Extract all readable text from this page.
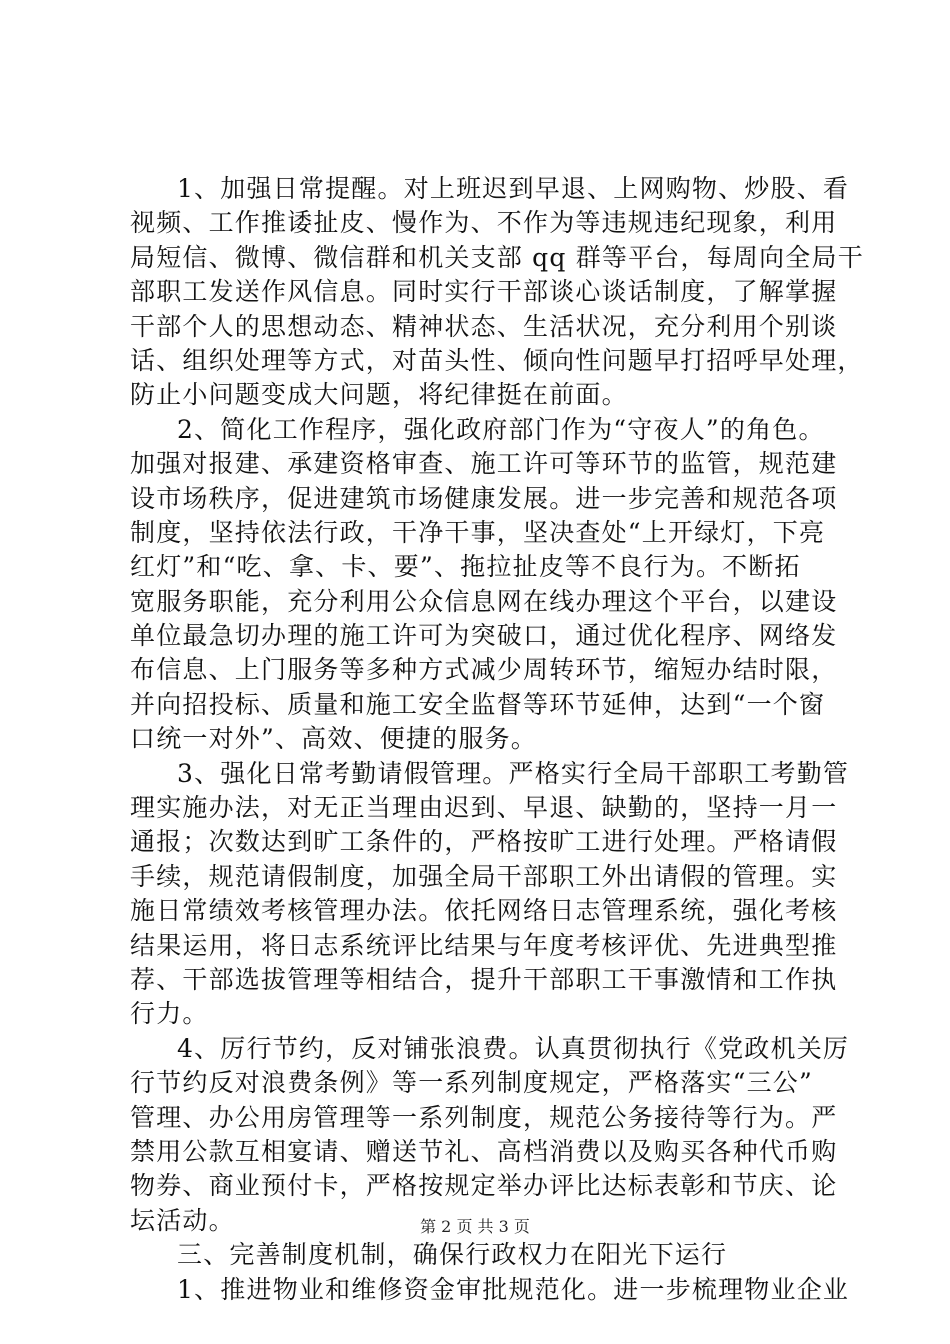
1、加强日常提醒。对上班迟到早退、上网购物、炒股、看
视频、工作推诿扯皮、慢作为、不作为等违规违纪现象，利用
局短信、微博、微信群和机关支部 qq 群等平台，每周向全局干
部职工发送作风信息。同时实行干部谈心谈话制度，了解掌握
干部个人的思想动态、精神状态、生活状况，充分利用个别谈
话、组织处理等方式，对苗头性、倾向性问题早打招呼早处理，
防止小问题变成大问题，将纪律挺在前面。
2、简化工作程序，强化政府部门作为“守夜人”的角色。
加强对报建、承建资格审查、施工许可等环节的监管，规范建
设市场秩序，促进建筑市场健康发展。进一步完善和规范各项
制度，坚持依法行政，干净干事，坚决查处“上开绿灯，下亮
红灯”和“吃、拿、卡、要”、拖拉扯皮等不良行为。不断拓
宽服务职能，充分利用公众信息网在线办理这个平台，以建设
单位最急切办理的施工许可为突破口，通过优化程序、网络发
布信息、上门服务等多种方式减少周转环节，缩短办结时限，
并向招投标、质量和施工安全监督等环节延伸，达到“一个窗
口统一对外”、高效、便捷的服务。
3、强化日常考勤请假管理。严格实行全局干部职工考勤管
理实施办法，对无正当理由迟到、早退、缺勤的，坚持一月一
通报；次数达到旷工条件的，严格按旷工进行处理。严格请假
手续，规范请假制度，加强全局干部职工外出请假的管理。实
施日常绩效考核管理办法。依托网络日志管理系统，强化考核
结果运用，将日志系统评比结果与年度考核评优、先进典型推
荐、干部选拔管理等相结合，提升干部职工干事激情和工作执
行力。
4、厉行节约，反对铺张浪费。认真贯彻执行《党政机关厉
行节约反对浪费条例》等一系列制度规定，严格落实“三公”
管理、办公用房管理等一系列制度，规范公务接待等行为。严
禁用公款互相宴请、赠送节礼、高档消费以及购买各种代币购
物券、商业预付卡，严格按规定举办评比达标表彰和节庆、论
坛活动。
三、完善制度机制，确保行政权力在阳光下运行
1、推进物业和维修资金审批规范化。进一步梳理物业企业
第 2 页 共 3 页
